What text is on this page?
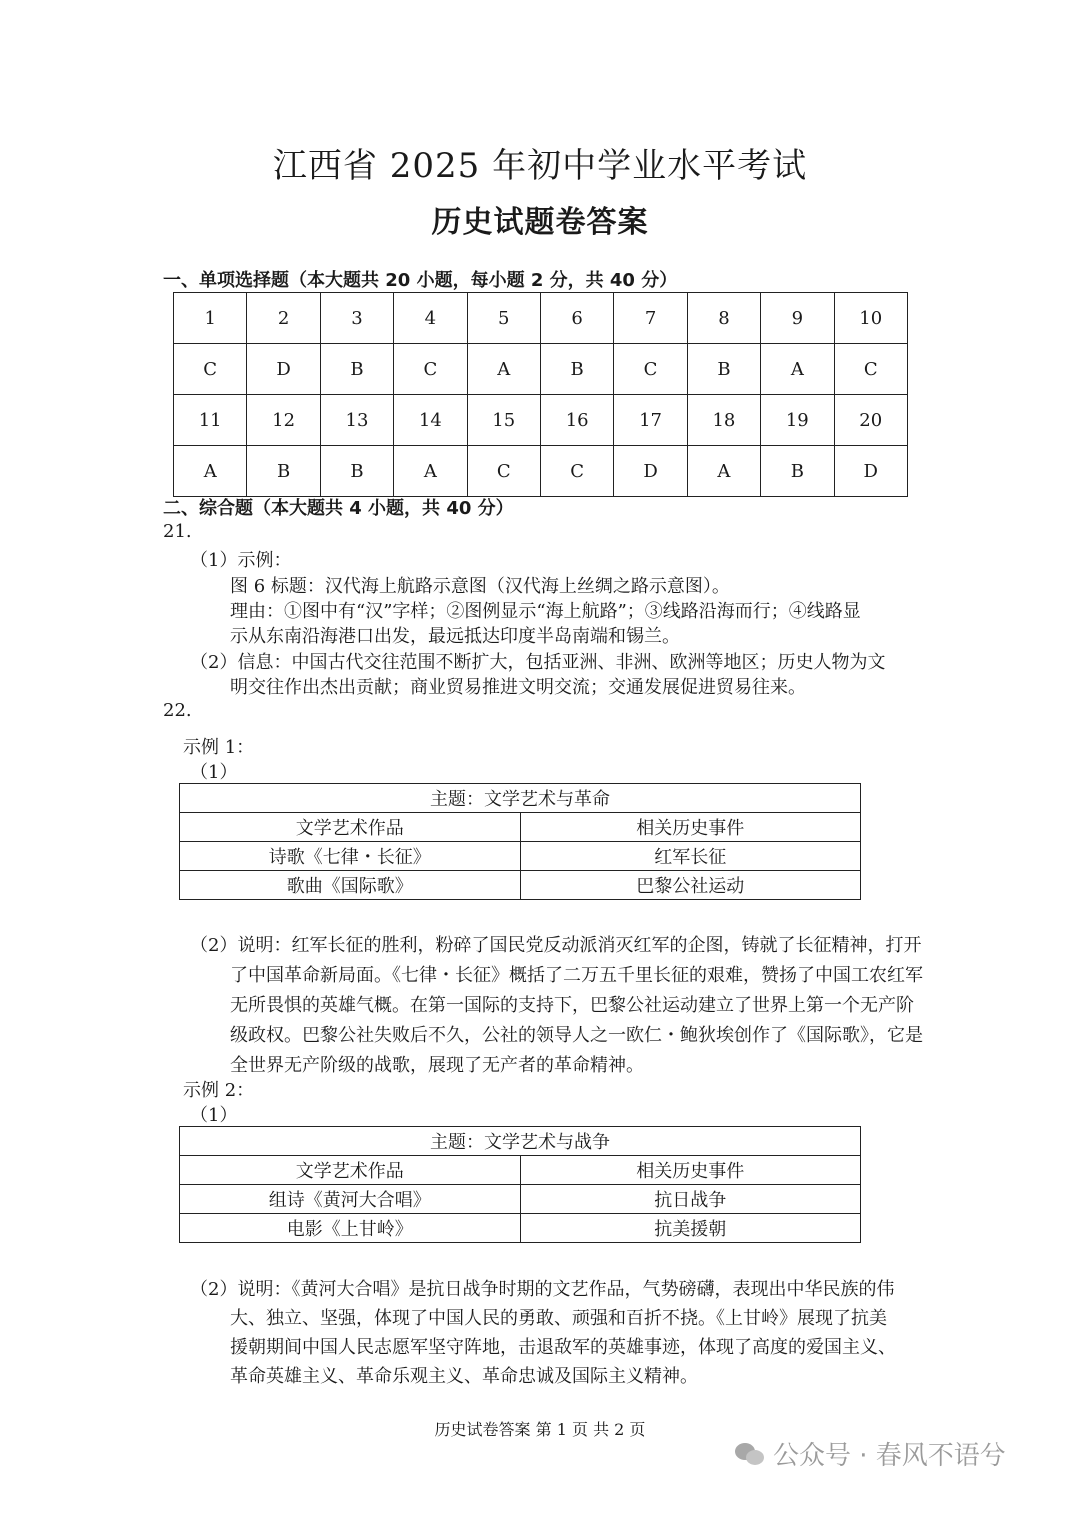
江西省 2025 年初中学业水平考试
历史试题卷答案
一、单项选择题（本大题共 20 小题，每小题 2 分，共 40 分）
1	2	3	4	5	6	7	8	9	10
C	D	B	C	A	B	C	B	A	C
11	12	13	14	15	16	17	18	19	20
A	B	B	A	C	C	D	A	B	D
二、综合题（本大题共 4 小题，共 40 分）
21.
（1）示例：
图 6 标题：汉代海上航路示意图（汉代海上丝绸之路示意图）。
理由：①图中有“汉”字样；②图例显示“海上航路”；③线路沿海而行；④线路显
示从东南沿海港口出发，最远抵达印度半岛南端和锡兰。
（2）信息：中国古代交往范围不断扩大，包括亚洲、非洲、欧洲等地区；历史人物为文
明交往作出杰出贡献；商业贸易推进文明交流；交通发展促进贸易往来。
22.
示例 1：
（1）
主题：文学艺术与革命	
文学艺术作品	相关历史事件
诗歌《七律・长征》	红军长征
歌曲《国际歌》	巴黎公社运动
（2）说明：红军长征的胜利，粉碎了国民党反动派消灭红军的企图，铸就了长征精神，打开
了中国革命新局面。《七律・长征》概括了二万五千里长征的艰难，赞扬了中国工农红军
无所畏惧的英雄气概。在第一国际的支持下，巴黎公社运动建立了世界上第一个无产阶
级政权。巴黎公社失败后不久，公社的领导人之一欧仁・鲍狄埃创作了《国际歌》，它是
全世界无产阶级的战歌，展现了无产者的革命精神。
示例 2：
（1）
主题：文学艺术与战争	
文学艺术作品	相关历史事件
组诗《黄河大合唱》	抗日战争
电影《上甘岭》	抗美援朝
（2）说明：《黄河大合唱》是抗日战争时期的文艺作品，气势磅礴，表现出中华民族的伟
大、独立、坚强，体现了中国人民的勇敢、顽强和百折不挠。《上甘岭》展现了抗美
援朝期间中国人民志愿军坚守阵地，击退敌军的英雄事迹，体现了高度的爱国主义、
革命英雄主义、革命乐观主义、革命忠诚及国际主义精神。
历史试卷答案 第 1 页 共 2 页
公众号 · 春风不语兮
